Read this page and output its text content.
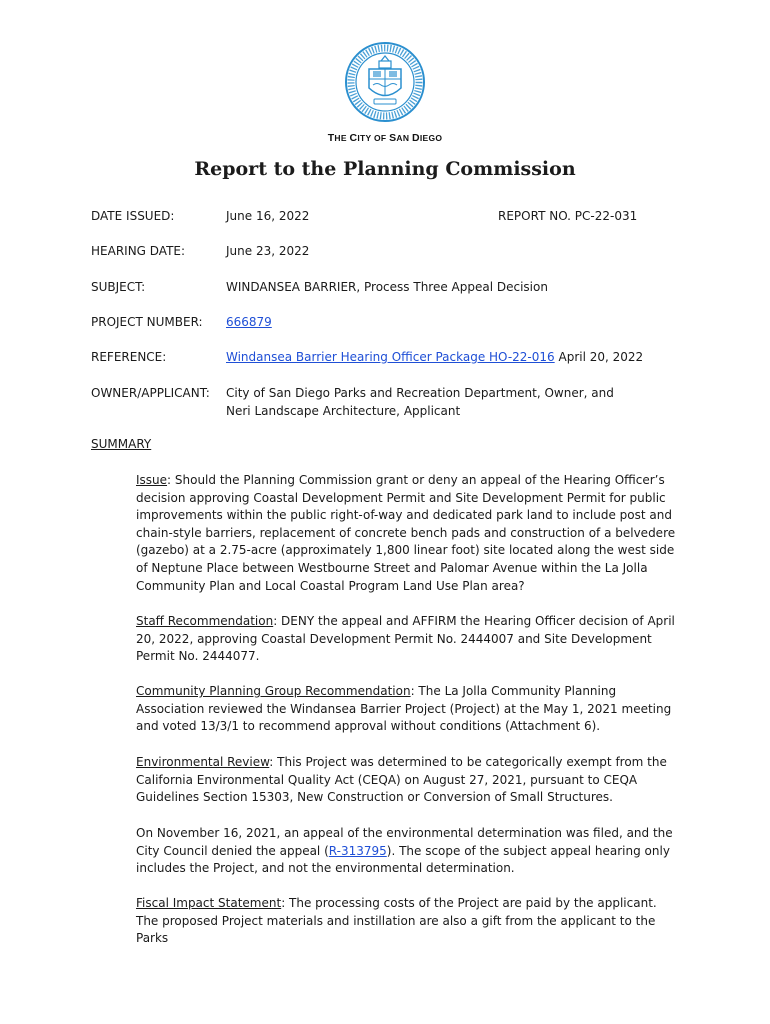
THE CITY OF SAN DIEGO
Report to the Planning Commission
DATE ISSUED:	June 16, 2022	REPORT NO. PC-22-031
HEARING DATE:	June 23, 2022
SUBJECT:	WINDANSEA BARRIER, Process Three Appeal Decision
PROJECT NUMBER: 666879
REFERENCE:	Windansea Barrier Hearing Officer Package HO-22-016 April 20, 2022
OWNER/APPLICANT: City of San Diego Parks and Recreation Department, Owner, and Neri Landscape Architecture, Applicant
SUMMARY
Issue: Should the Planning Commission grant or deny an appeal of the Hearing Officer’s decision approving Coastal Development Permit and Site Development Permit for public improvements within the public right-of-way and dedicated park land to include post and chain-style barriers, replacement of concrete bench pads and construction of a belvedere (gazebo) at a 2.75-acre (approximately 1,800 linear foot) site located along the west side of Neptune Place between Westbourne Street and Palomar Avenue within the La Jolla Community Plan and Local Coastal Program Land Use Plan area?
Staff Recommendation: DENY the appeal and AFFIRM the Hearing Officer decision of April 20, 2022, approving Coastal Development Permit No. 2444007 and Site Development Permit No. 2444077.
Community Planning Group Recommendation: The La Jolla Community Planning Association reviewed the Windansea Barrier Project (Project) at the May 1, 2021 meeting and voted 13/3/1 to recommend approval without conditions (Attachment 6).
Environmental Review: This Project was determined to be categorically exempt from the California Environmental Quality Act (CEQA) on August 27, 2021, pursuant to CEQA Guidelines Section 15303, New Construction or Conversion of Small Structures.
On November 16, 2021, an appeal of the environmental determination was filed, and the City Council denied the appeal (R-313795). The scope of the subject appeal hearing only includes the Project, and not the environmental determination.
Fiscal Impact Statement: The processing costs of the Project are paid by the applicant. The proposed Project materials and instillation are also a gift from the applicant to the Parks
